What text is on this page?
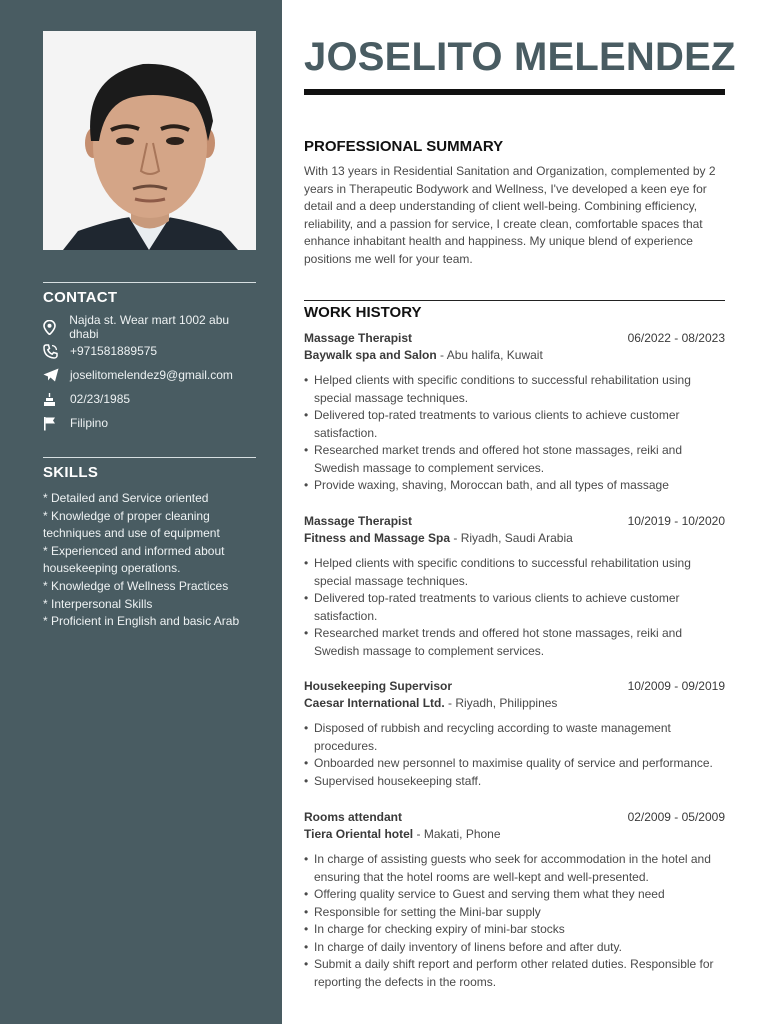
CONTACT
Najda st. Wear mart 1002 abu dhabi
+971581889575
joselitomelendez9@gmail.com
02/23/1985
Filipino
SKILLS
* Detailed and Service oriented
* Knowledge of proper cleaning techniques and use of equipment
* Experienced and informed about housekeeping operations.
* Knowledge of Wellness Practices
* Interpersonal Skills
* Proficient in English and basic Arab
JOSELITO MELENDEZ
PROFESSIONAL SUMMARY

With 13 years in Residential Sanitation and Organization, complemented by 2 years in Therapeutic Bodywork and Wellness, I've developed a keen eye for detail and a deep understanding of client well-being. Combining efficiency, reliability, and a passion for service, I create clean, comfortable spaces that enhance inhabitant health and happiness. My unique blend of experience positions me well for your team.

WORK HISTORY
Massage Therapist	06/2022 - 08/2023
Baywalk spa and Salon - Abu halifa, Kuwait
• Helped clients with specific conditions to successful rehabilitation using special massage techniques.
• Delivered top-rated treatments to various clients to achieve customer satisfaction.
• Researched market trends and offered hot stone massages, reiki and Swedish massage to complement services.
• Provide waxing, shaving, Moroccan bath, and all types of massage
Massage Therapist	10/2019 - 10/2020
Fitness and Massage Spa - Riyadh, Saudi Arabia
• Helped clients with specific conditions to successful rehabilitation using special massage techniques.
• Delivered top-rated treatments to various clients to achieve customer satisfaction.
• Researched market trends and offered hot stone massages, reiki and Swedish massage to complement services.
Housekeeping Supervisor	10/2009 - 09/2019
Caesar International Ltd. - Riyadh, Philippines
• Disposed of rubbish and recycling according to waste management procedures.
• Onboarded new personnel to maximise quality of service and performance.
• Supervised housekeeping staff.
Rooms attendant	02/2009 - 05/2009
Tiera Oriental hotel - Makati, Phone
• In charge of assisting guests who seek for accommodation in the hotel and ensuring that the hotel rooms are well-kept and well-presented.
• Offering quality service to Guest and serving them what they need
• Responsible for setting the Mini-bar supply
• In charge for checking expiry of mini-bar stocks
• In charge of daily inventory of linens before and after duty.
• Submit a daily shift report and perform other related duties. Responsible for reporting the defects in the rooms.
